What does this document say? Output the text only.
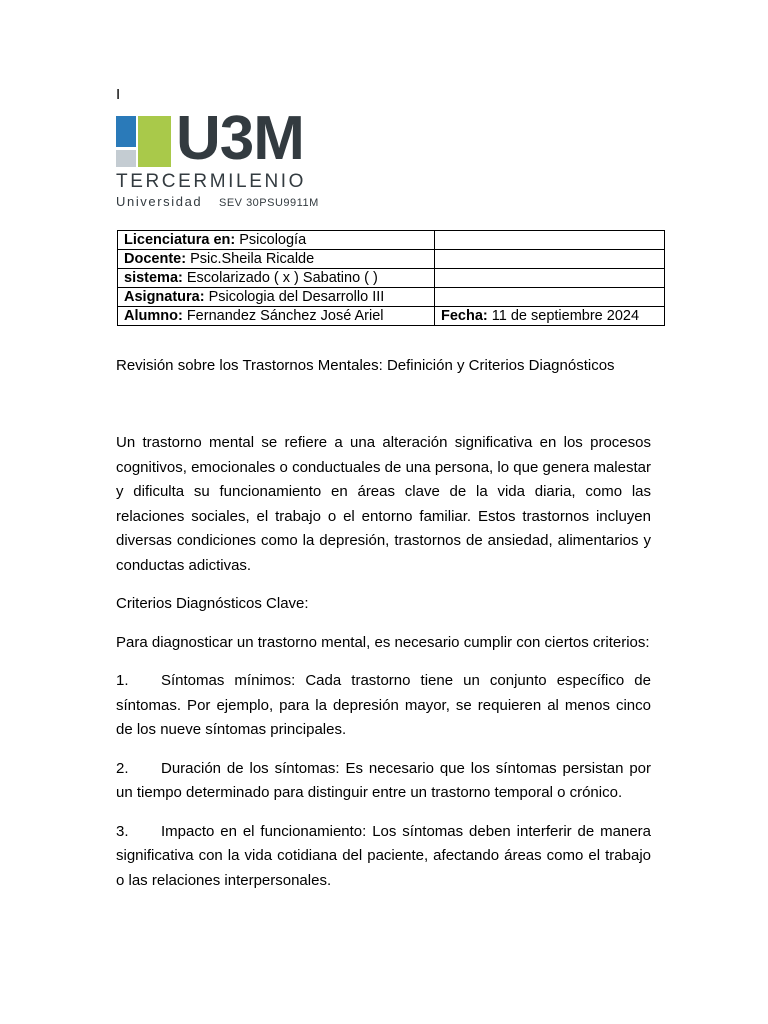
I
U3M
TERCERMILENIO
Universidad SEV 30PSU9911M
Licenciatura en: Psicología	
Docente: Psic.Sheila Ricalde	
sistema: Escolarizado ( x ) Sabatino ( )	
Asignatura: Psicologia del Desarrollo III	
Alumno: Fernandez Sánchez José Ariel	Fecha: 11 de septiembre 2024
Revisión sobre los Trastornos Mentales: Definición y Criterios Diagnósticos

Un trastorno mental se refiere a una alteración significativa en los procesos cognitivos, emocionales o conductuales de una persona, lo que genera malestar y dificulta su funcionamiento en áreas clave de la vida diaria, como las relaciones sociales, el trabajo o el entorno familiar. Estos trastornos incluyen diversas condiciones como la depresión, trastornos de ansiedad, alimentarios y conductas adictivas.

Criterios Diagnósticos Clave:

Para diagnosticar un trastorno mental, es necesario cumplir con ciertos criterios:

1. Síntomas mínimos: Cada trastorno tiene un conjunto específico de síntomas. Por ejemplo, para la depresión mayor, se requieren al menos cinco de los nueve síntomas principales.

2. Duración de los síntomas: Es necesario que los síntomas persistan por un tiempo determinado para distinguir entre un trastorno temporal o crónico.

3. Impacto en el funcionamiento: Los síntomas deben interferir de manera significativa con la vida cotidiana del paciente, afectando áreas como el trabajo o las relaciones interpersonales.
